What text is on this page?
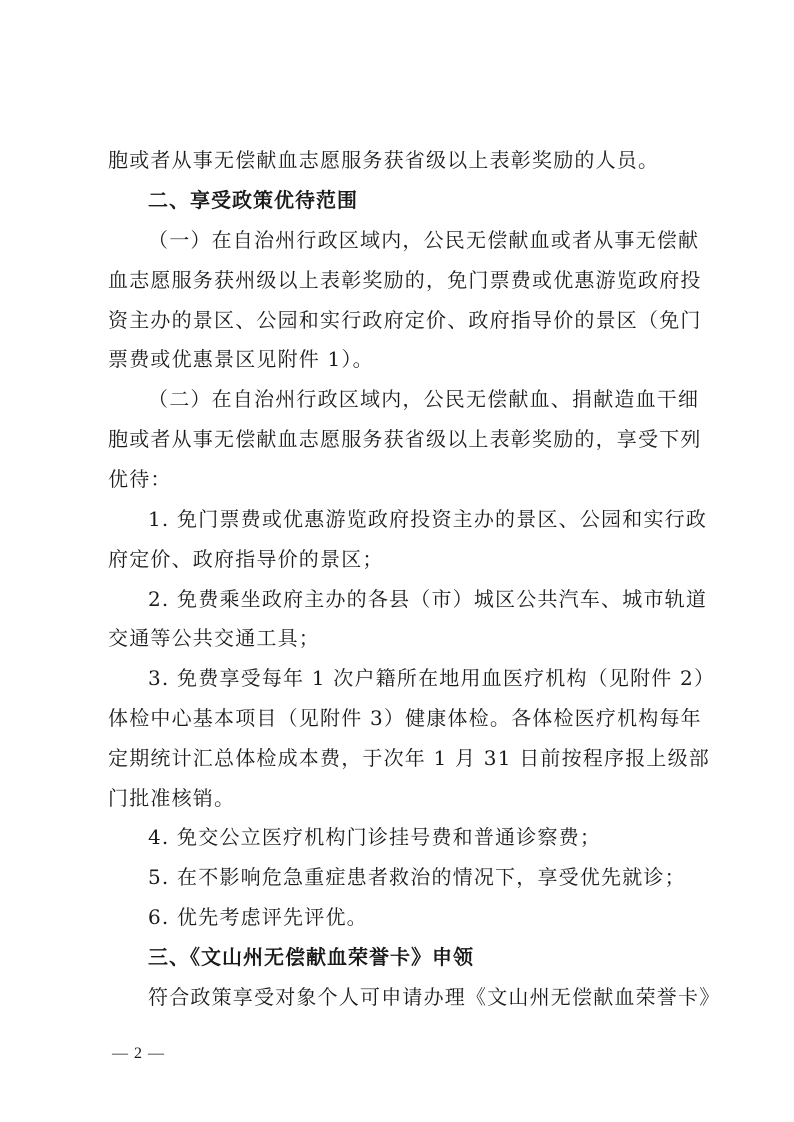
胞或者从事无偿献血志愿服务获省级以上表彰奖励的人员。
二、享受政策优待范围
（一）在自治州行政区域内，公民无偿献血或者从事无偿献
血志愿服务获州级以上表彰奖励的，免门票费或优惠游览政府投
资主办的景区、公园和实行政府定价、政府指导价的景区（免门
票费或优惠景区见附件 1）。
（二）在自治州行政区域内，公民无偿献血、捐献造血干细
胞或者从事无偿献血志愿服务获省级以上表彰奖励的，享受下列
优待：
1. 免门票费或优惠游览政府投资主办的景区、公园和实行政
府定价、政府指导价的景区；
2. 免费乘坐政府主办的各县（市）城区公共汽车、城市轨道
交通等公共交通工具；
3. 免费享受每年 1 次户籍所在地用血医疗机构（见附件 2）
体检中心基本项目（见附件 3）健康体检。各体检医疗机构每年
定期统计汇总体检成本费，于次年 1 月 31 日前按程序报上级部
门批准核销。
4. 免交公立医疗机构门诊挂号费和普通诊察费；
5. 在不影响危急重症患者救治的情况下，享受优先就诊；
6. 优先考虑评先评优。
三、《文山州无偿献血荣誉卡》申领
符合政策享受对象个人可申请办理《文山州无偿献血荣誉卡》
— 2 —
